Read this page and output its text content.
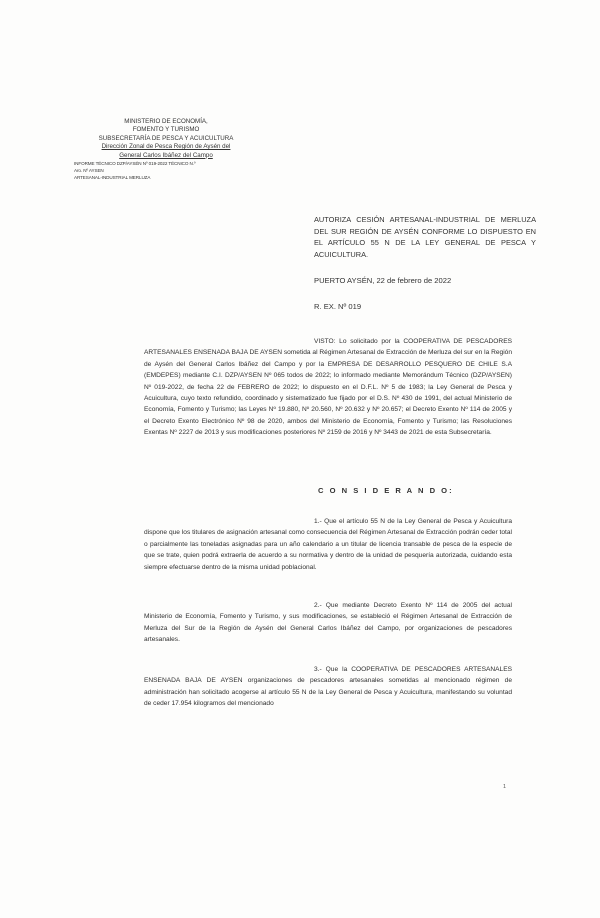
MINISTERIO DE ECONOMÍA,
FOMENTO Y TURISMO
SUBSECRETARÍA DE PESCA Y ACUICULTURA
Dirección Zonal de Pesca Región de Aysén del
General Carlos Ibáñez del Campo
INFORME TÉCNICO DZP/AYSÉN Nº 019-2022 TÉCNICO N.º
Aro. Nº AYSEN
ARTESANAL-INDUSTRIAL MERLUZA
AUTORIZA CESIÓN ARTESANAL-INDUSTRIAL DE MERLUZA DEL SUR REGIÓN DE AYSÉN CONFORME LO DISPUESTO EN EL ARTÍCULO 55 N DE LA LEY GENERAL DE PESCA Y ACUICULTURA.
PUERTO AYSÉN, 22 de febrero de 2022
R. EX. Nº 019
VISTO: Lo solicitado por la COOPERATIVA DE PESCADORES ARTESANALES ENSENADA BAJA DE AYSEN sometida al Régimen Artesanal de Extracción de Merluza del sur en la Región de Aysén del General Carlos Ibáñez del Campo y por la EMPRESA DE DESARROLLO PESQUERO DE CHILE S.A (EMDEPES) mediante C.I. DZP/AYSEN Nº 065 todos de 2022; lo informado mediante Memorándum Técnico (DZP/AYSEN) Nº 019-2022, de fecha 22 de FEBRERO de 2022; lo dispuesto en el D.F.L. Nº 5 de 1983; la Ley General de Pesca y Acuicultura, cuyo texto refundido, coordinado y sistematizado fue fijado por el D.S. Nº 430 de 1991, del actual Ministerio de Economía, Fomento y Turismo; las Leyes Nº 19.880, Nº 20.560, Nº 20.632 y Nº 20.657; el Decreto Exento Nº 114 de 2005 y el Decreto Exento Electrónico Nº 98 de 2020, ambos del Ministerio de Economía, Fomento y Turismo; las Resoluciones Exentas Nº 2227 de 2013 y sus modificaciones posteriores Nº 2159 de 2016 y Nº 3443 de 2021 de esta Subsecretaría.
C O N S I D E R A N D O:
1.- Que el artículo 55 N de la Ley General de Pesca y Acuicultura dispone que los titulares de asignación artesanal como consecuencia del Régimen Artesanal de Extracción podrán ceder total o parcialmente las toneladas asignadas para un año calendario a un titular de licencia transable de pesca de la especie de que se trate, quien podrá extraerla de acuerdo a su normativa y dentro de la unidad de pesquería autorizada, cuidando esta siempre efectuarse dentro de la misma unidad poblacional.
2.- Que mediante Decreto Exento Nº 114 de 2005 del actual Ministerio de Economía, Fomento y Turismo, y sus modificaciones, se estableció el Régimen Artesanal de Extracción de Merluza del Sur de la Región de Aysén del General Carlos Ibáñez del Campo, por organizaciones de pescadores artesanales.
3.- Que la COOPERATIVA DE PESCADORES ARTESANALES ENSENADA BAJA DE AYSEN organizaciones de pescadores artesanales sometidas al mencionado régimen de administración han solicitado acogerse al artículo 55 N de la Ley General de Pesca y Acuicultura, manifestando su voluntad de ceder 17.954 kilogramos del mencionado
1
